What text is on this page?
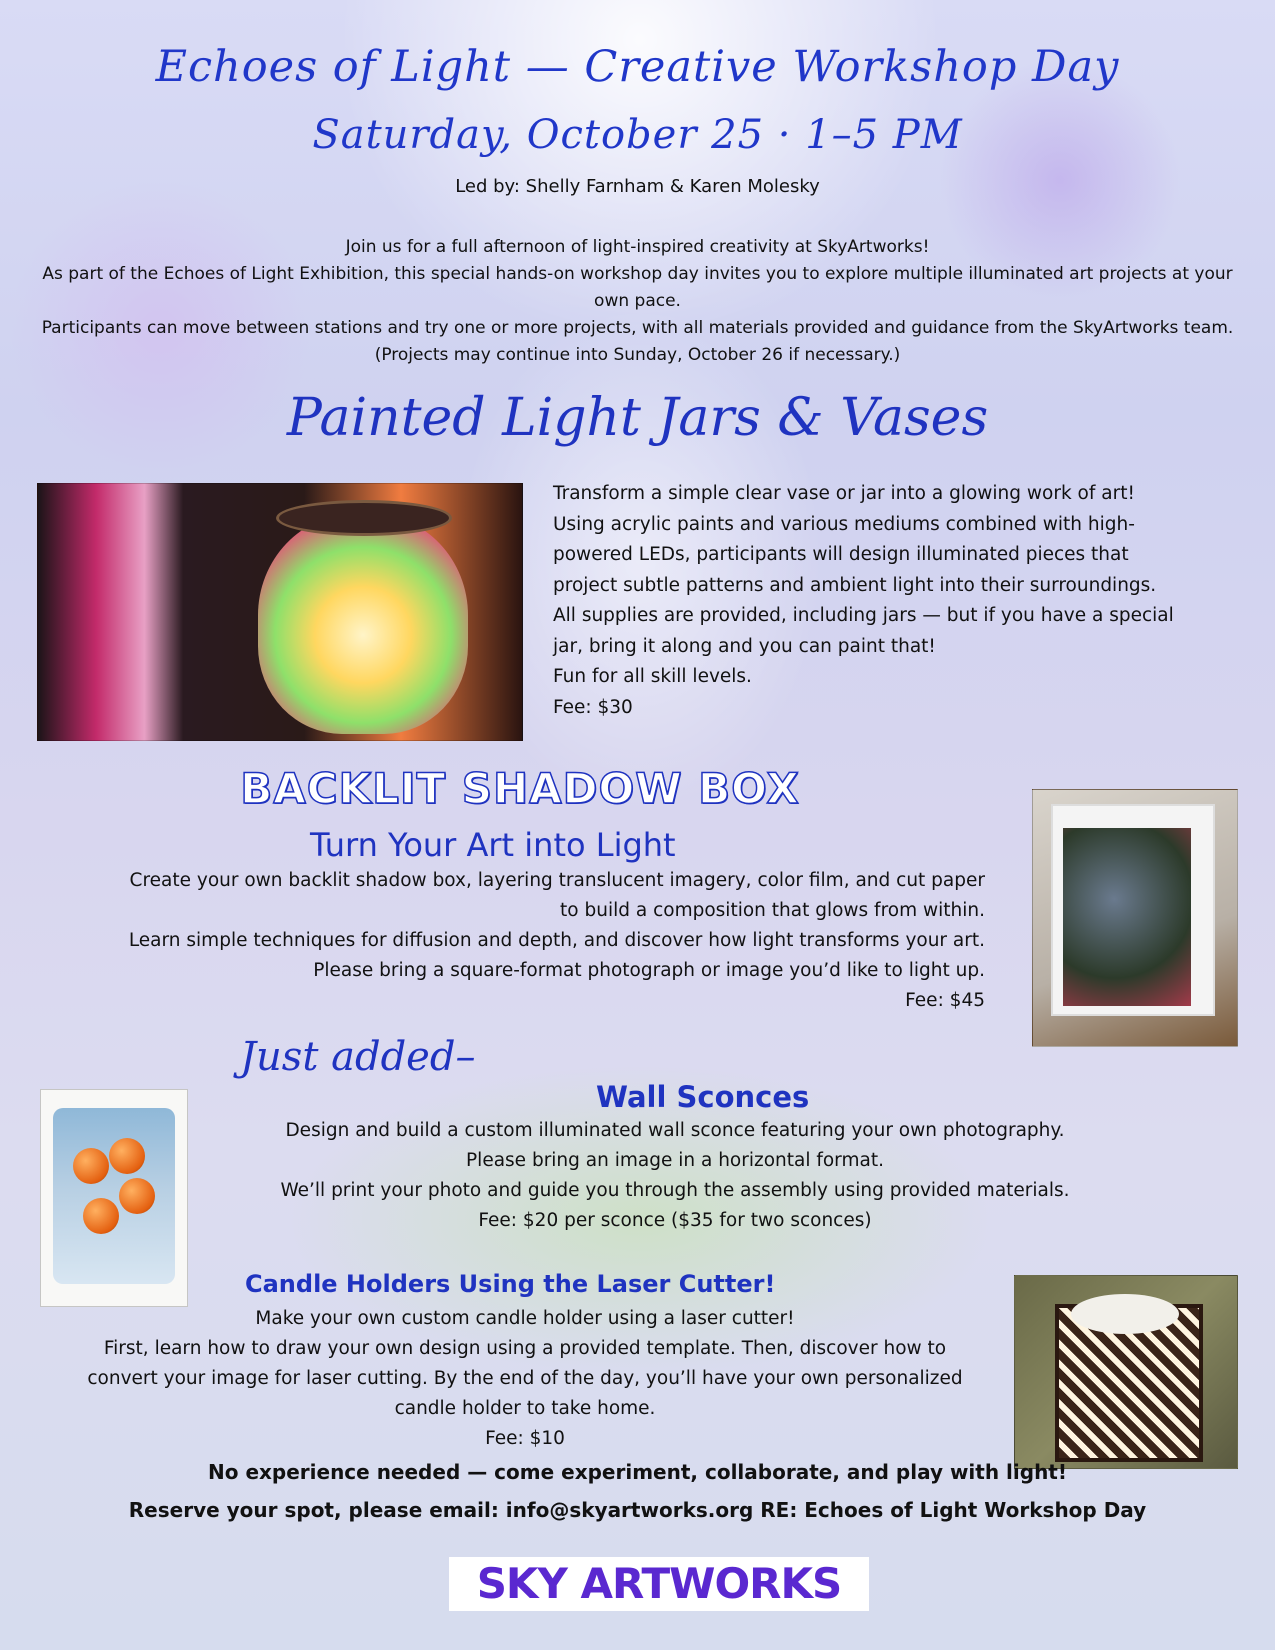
Echoes of Light — Creative Workshop Day
Saturday, October 25 · 1–5 PM
Led by: Shelly Farnham & Karen Molesky
Join us for a full afternoon of light-inspired creativity at SkyArtworks!
As part of the Echoes of Light Exhibition, this special hands-on workshop day invites you to explore multiple illuminated art projects at your own pace.
Participants can move between stations and try one or more projects, with all materials provided and guidance from the SkyArtworks team. (Projects may continue into Sunday, October 26 if necessary.)
Painted Light Jars & Vases
Transform a simple clear vase or jar into a glowing work of art!
Using acrylic paints and various mediums combined with high-
powered LEDs, participants will design illuminated pieces that
project subtle patterns and ambient light into their surroundings.
All supplies are provided, including jars — but if you have a special
jar, bring it along and you can paint that!
Fun for all skill levels.
Fee: $30
BACKLIT SHADOW BOX
Turn Your Art into Light
Create your own backlit shadow box, layering translucent imagery, color film, and cut paper
to build a composition that glows from within.
Learn simple techniques for diffusion and depth, and discover how light transforms your art.
Please bring a square-format photograph or image you’d like to light up.
Fee: $45
Just added–
Wall Sconces
Design and build a custom illuminated wall sconce featuring your own photography.
Please bring an image in a horizontal format.
We’ll print your photo and guide you through the assembly using provided materials.
Fee: $20 per sconce ($35 for two sconces)
Candle Holders Using the Laser Cutter!
Make your own custom candle holder using a laser cutter!
First, learn how to draw your own design using a provided template. Then, discover how to
convert your image for laser cutting. By the end of the day, you’ll have your own personalized
candle holder to take home.
Fee: $10
No experience needed — come experiment, collaborate, and play with light!
Reserve your spot, please email: info@skyartworks.org RE: Echoes of Light Workshop Day
SKY ARTWORKS
